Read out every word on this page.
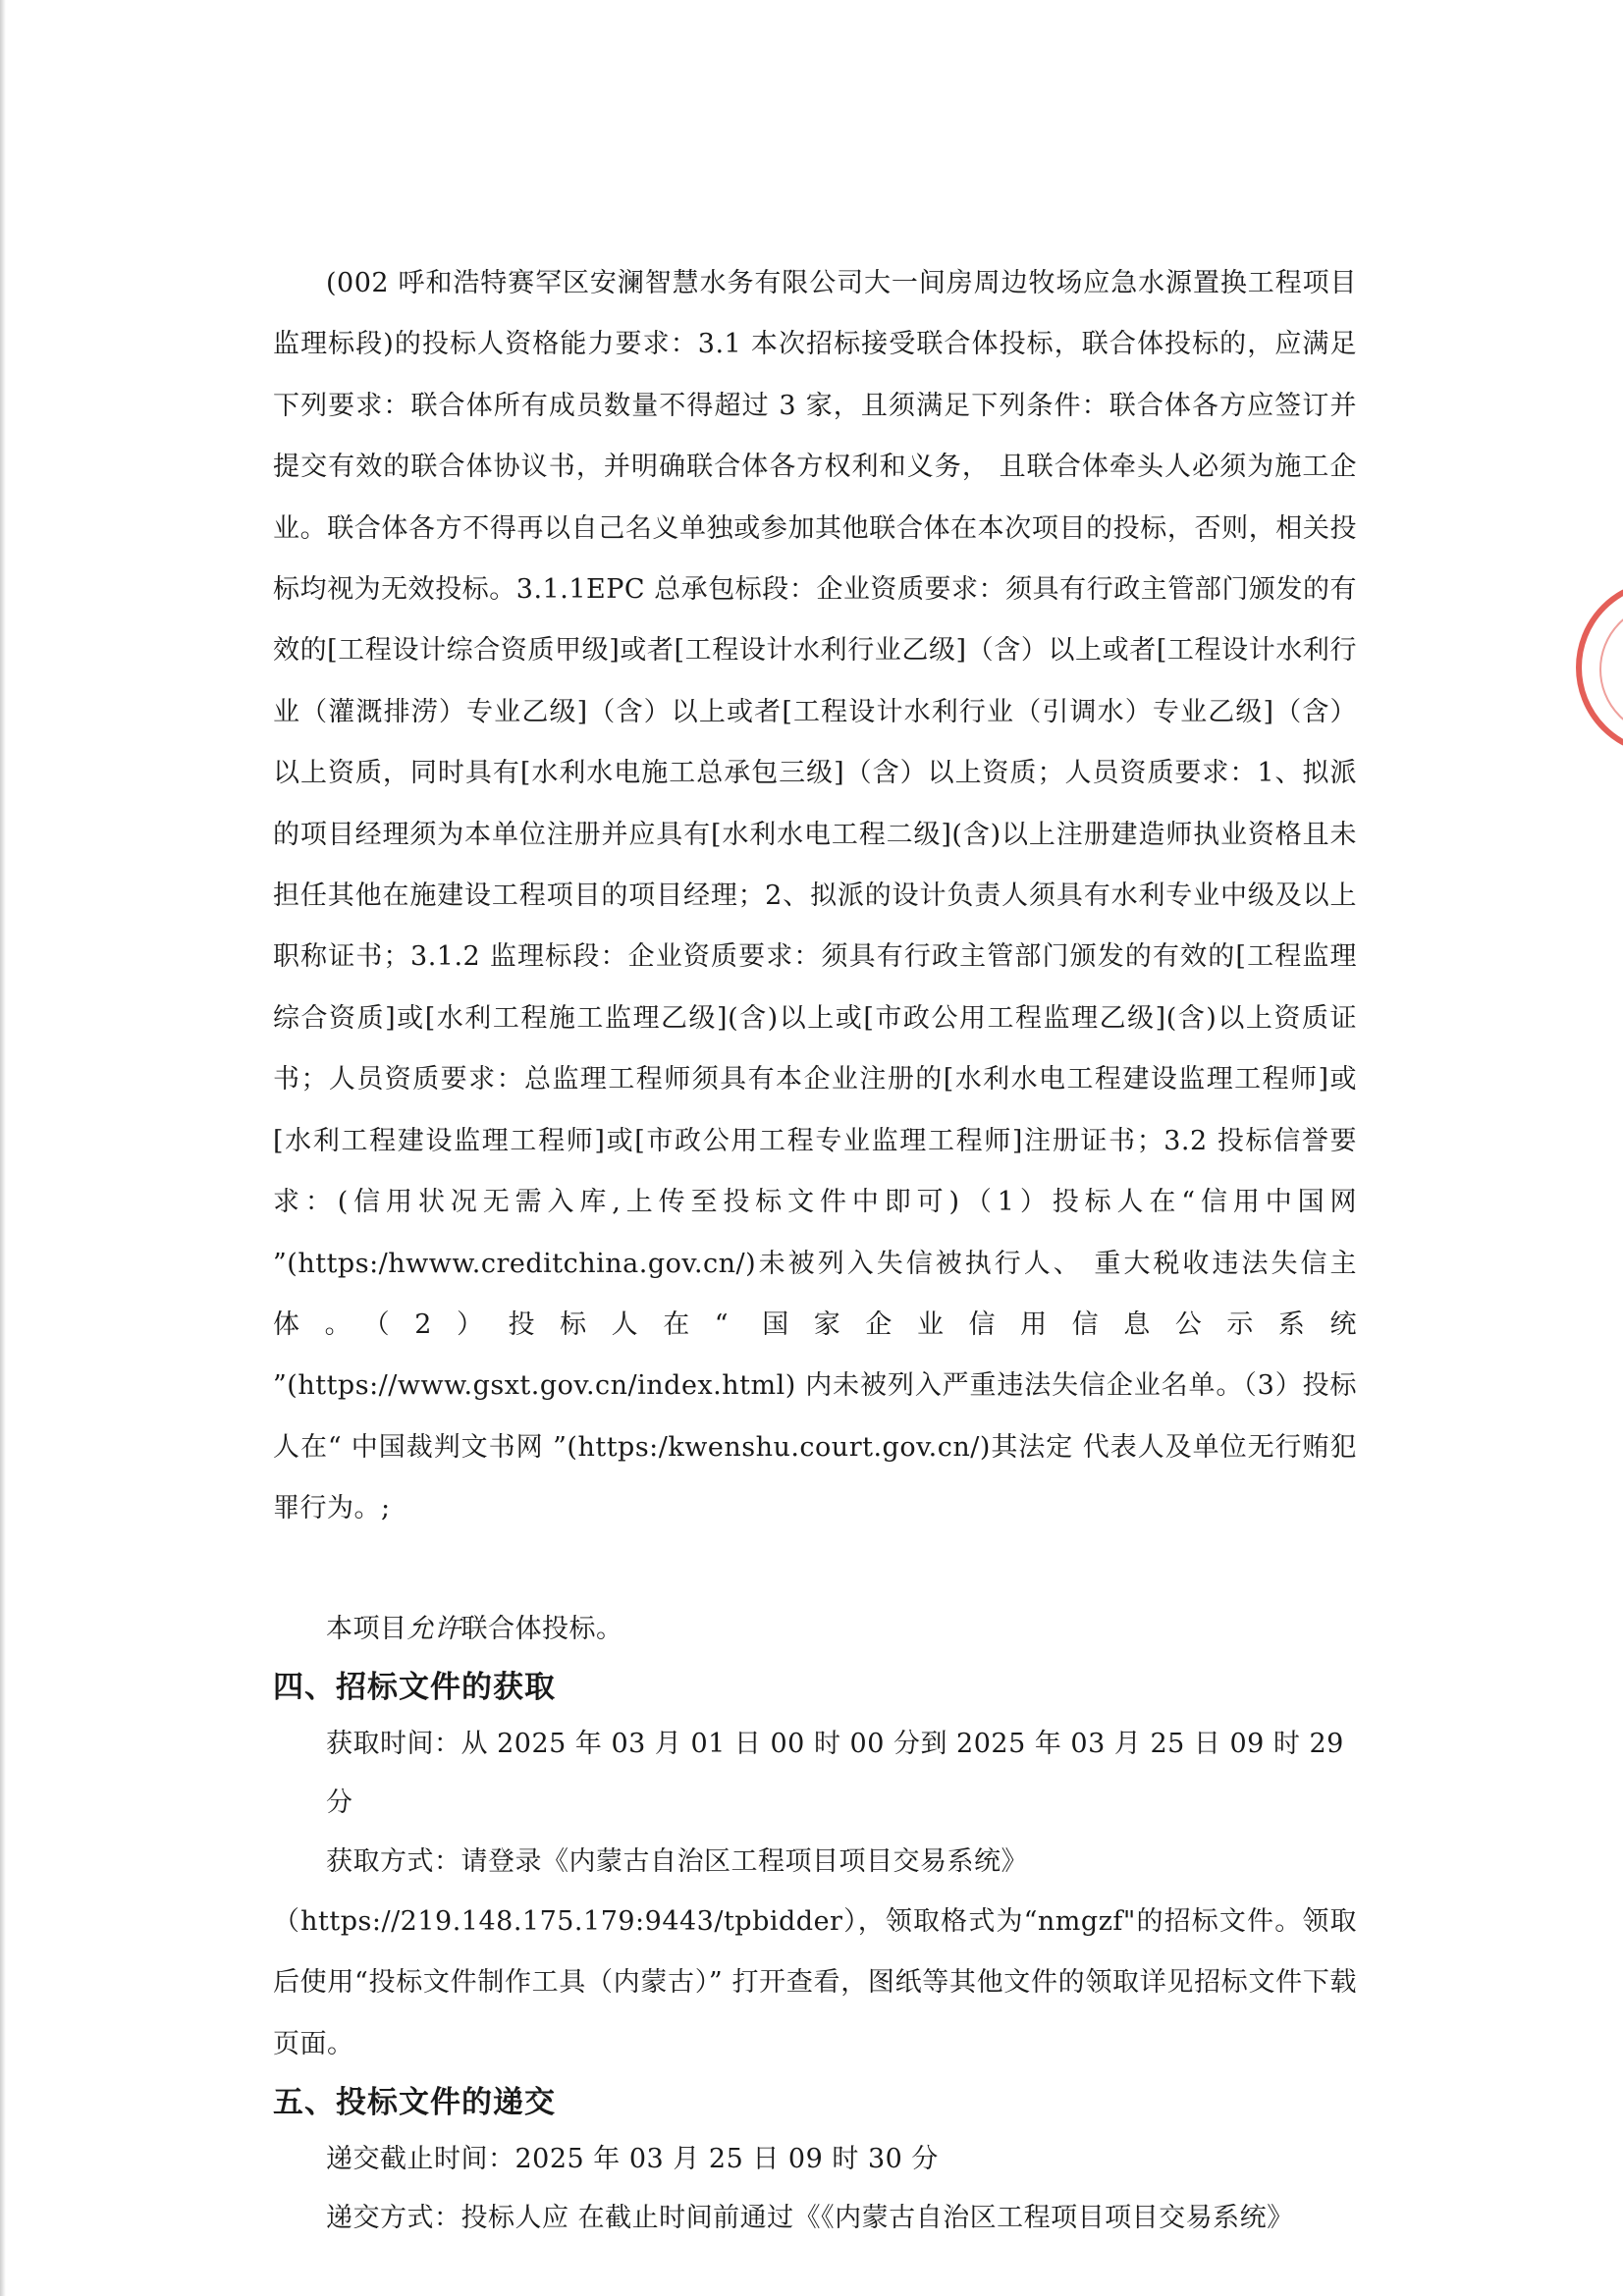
(002 呼和浩特赛罕区安澜智慧水务有限公司大一间房周边牧场应急水源置换工程项目监理标段)的投标人资格能力要求：3.1 本次招标接受联合体投标，联合体投标的，应满足下列要求：联合体所有成员数量不得超过 3 家，且须满足下列条件：联合体各方应签订并提交有效的联合体协议书，并明确联合体各方权利和义务， 且联合体牵头人必须为施工企业。联合体各方不得再以自己名义单独或参加其他联合体在本次项目的投标，否则，相关投标均视为无效投标。3.1.1EPC 总承包标段：企业资质要求：须具有行政主管部门颁发的有效的[工程设计综合资质甲级]或者[工程设计水利行业乙级]（含）以上或者[工程设计水利行业（灌溉排涝）专业乙级]（含）以上或者[工程设计水利行业（引调水）专业乙级]（含）以上资质，同时具有[水利水电施工总承包三级]（含）以上资质；人员资质要求：1、拟派的项目经理须为本单位注册并应具有[水利水电工程二级](含)以上注册建造师执业资格且未担任其他在施建设工程项目的项目经理；2、拟派的设计负责人须具有水利专业中级及以上职称证书；3.1.2 监理标段：企业资质要求：须具有行政主管部门颁发的有效的[工程监理综合资质]或[水利工程施工监理乙级](含)以上或[市政公用工程监理乙级](含)以上资质证书；人员资质要求：总监理工程师须具有本企业注册的[水利水电工程建设监理工程师]或[水利工程建设监理工程师]或[市政公用工程专业监理工程师]注册证书；3.2 投标信誉要求：(信用状况无需入库,上传至投标文件中即可)（1）投标人在“信用中国网 ”(https:/hwww.creditchina.gov.cn/)未被列入失信被执行人、 重大税收违法失信主体。（2）投标人在“ 国家企业信用信息公示系统 ”(https://www.gsxt.gov.cn/index.html) 内未被列入严重违法失信企业名单。（3）投标人在“ 中国裁判文书网 ”(https:/kwenshu.court.gov.cn/)其法定 代表人及单位无行贿犯罪行为。;

本项目允许联合体投标。

四、招标文件的获取

获取时间：从 2025 年 03 月 01 日 00 时 00 分到 2025 年 03 月 25 日 09 时 29 分

获取方式：请登录《内蒙古自治区工程项目项目交易系统》

（https://219.148.175.179:9443/tpbidder），领取格式为“nmgzf"的招标文件。领取后使用“投标文件制作工具（内蒙古）” 打开查看，图纸等其他文件的领取详见招标文件下载页面。

五、投标文件的递交

递交截止时间：2025 年 03 月 25 日 09 时 30 分

递交方式：投标人应 在截止时间前通过《《内蒙古自治区工程项目项目交易系统》
